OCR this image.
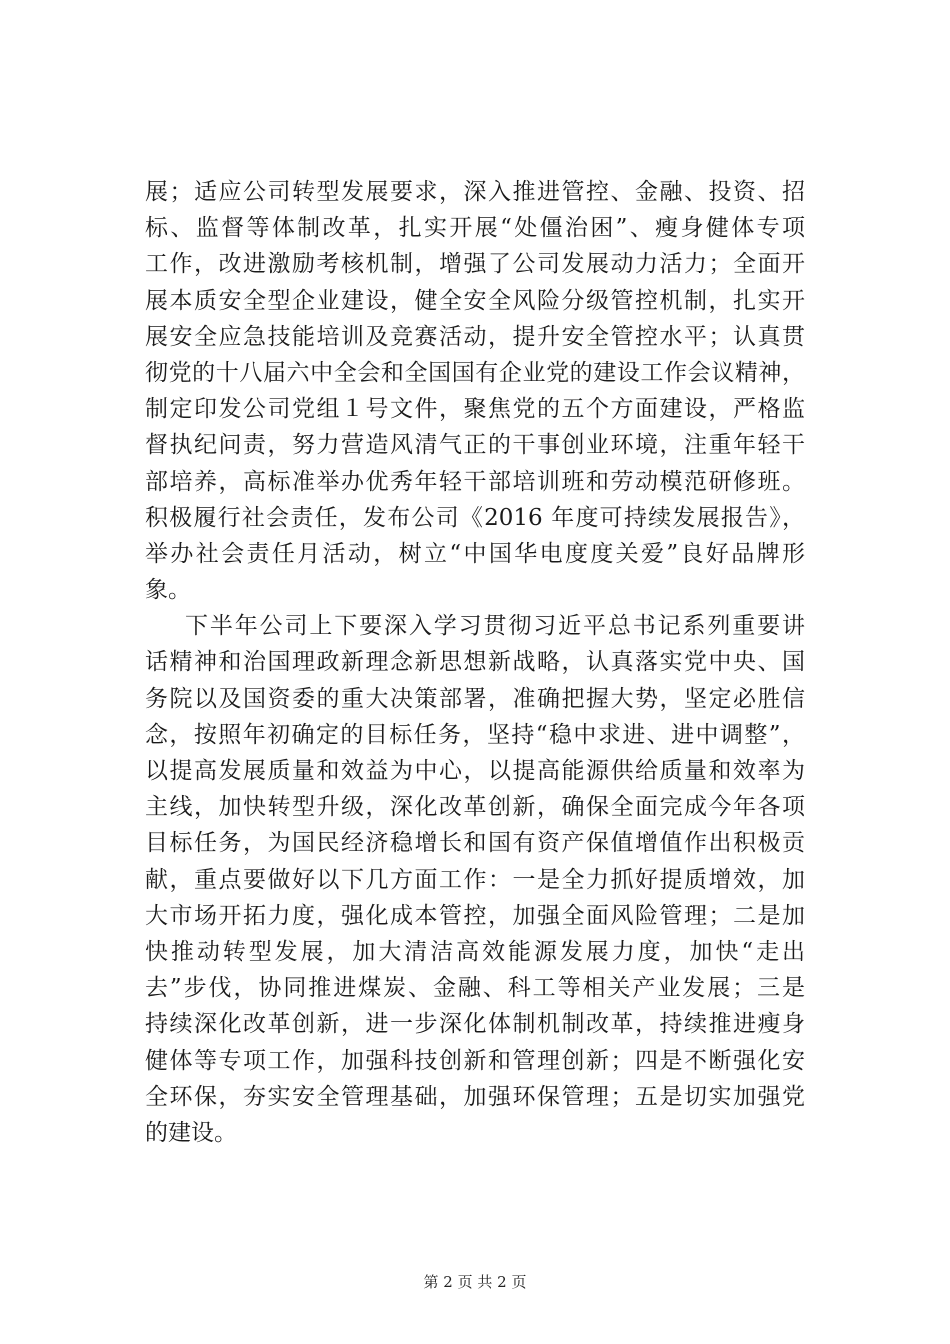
展；适应公司转型发展要求，深入推进管控、金融、投资、招
标、监督等体制改革，扎实开展“处僵治困”、瘦身健体专项
工作，改进激励考核机制，增强了公司发展动力活力；全面开
展本质安全型企业建设，健全安全风险分级管控机制，扎实开
展安全应急技能培训及竞赛活动，提升安全管控水平；认真贯
彻党的十八届六中全会和全国国有企业党的建设工作会议精神，
制定印发公司党组１号文件，聚焦党的五个方面建设，严格监
督执纪问责，努力营造风清气正的干事创业环境，注重年轻干
部培养，高标准举办优秀年轻干部培训班和劳动模范研修班。
积极履行社会责任，发布公司《2016 年度可持续发展报告》，
举办社会责任月活动，树立“中国华电度度关爱”良好品牌形
象。
下半年公司上下要深入学习贯彻习近平总书记系列重要讲
话精神和治国理政新理念新思想新战略，认真落实党中央、国
务院以及国资委的重大决策部署，准确把握大势，坚定必胜信
念，按照年初确定的目标任务，坚持“稳中求进、进中调整”，
以提高发展质量和效益为中心，以提高能源供给质量和效率为
主线，加快转型升级，深化改革创新，确保全面完成今年各项
目标任务，为国民经济稳增长和国有资产保值增值作出积极贡
献，重点要做好以下几方面工作：一是全力抓好提质增效，加
大市场开拓力度，强化成本管控，加强全面风险管理；二是加
快推动转型发展，加大清洁高效能源发展力度，加快“走出
去”步伐，协同推进煤炭、金融、科工等相关产业发展；三是
持续深化改革创新，进一步深化体制机制改革，持续推进瘦身
健体等专项工作，加强科技创新和管理创新；四是不断强化安
全环保，夯实安全管理基础，加强环保管理；五是切实加强党
的建设。
第 2 页 共 2 页
